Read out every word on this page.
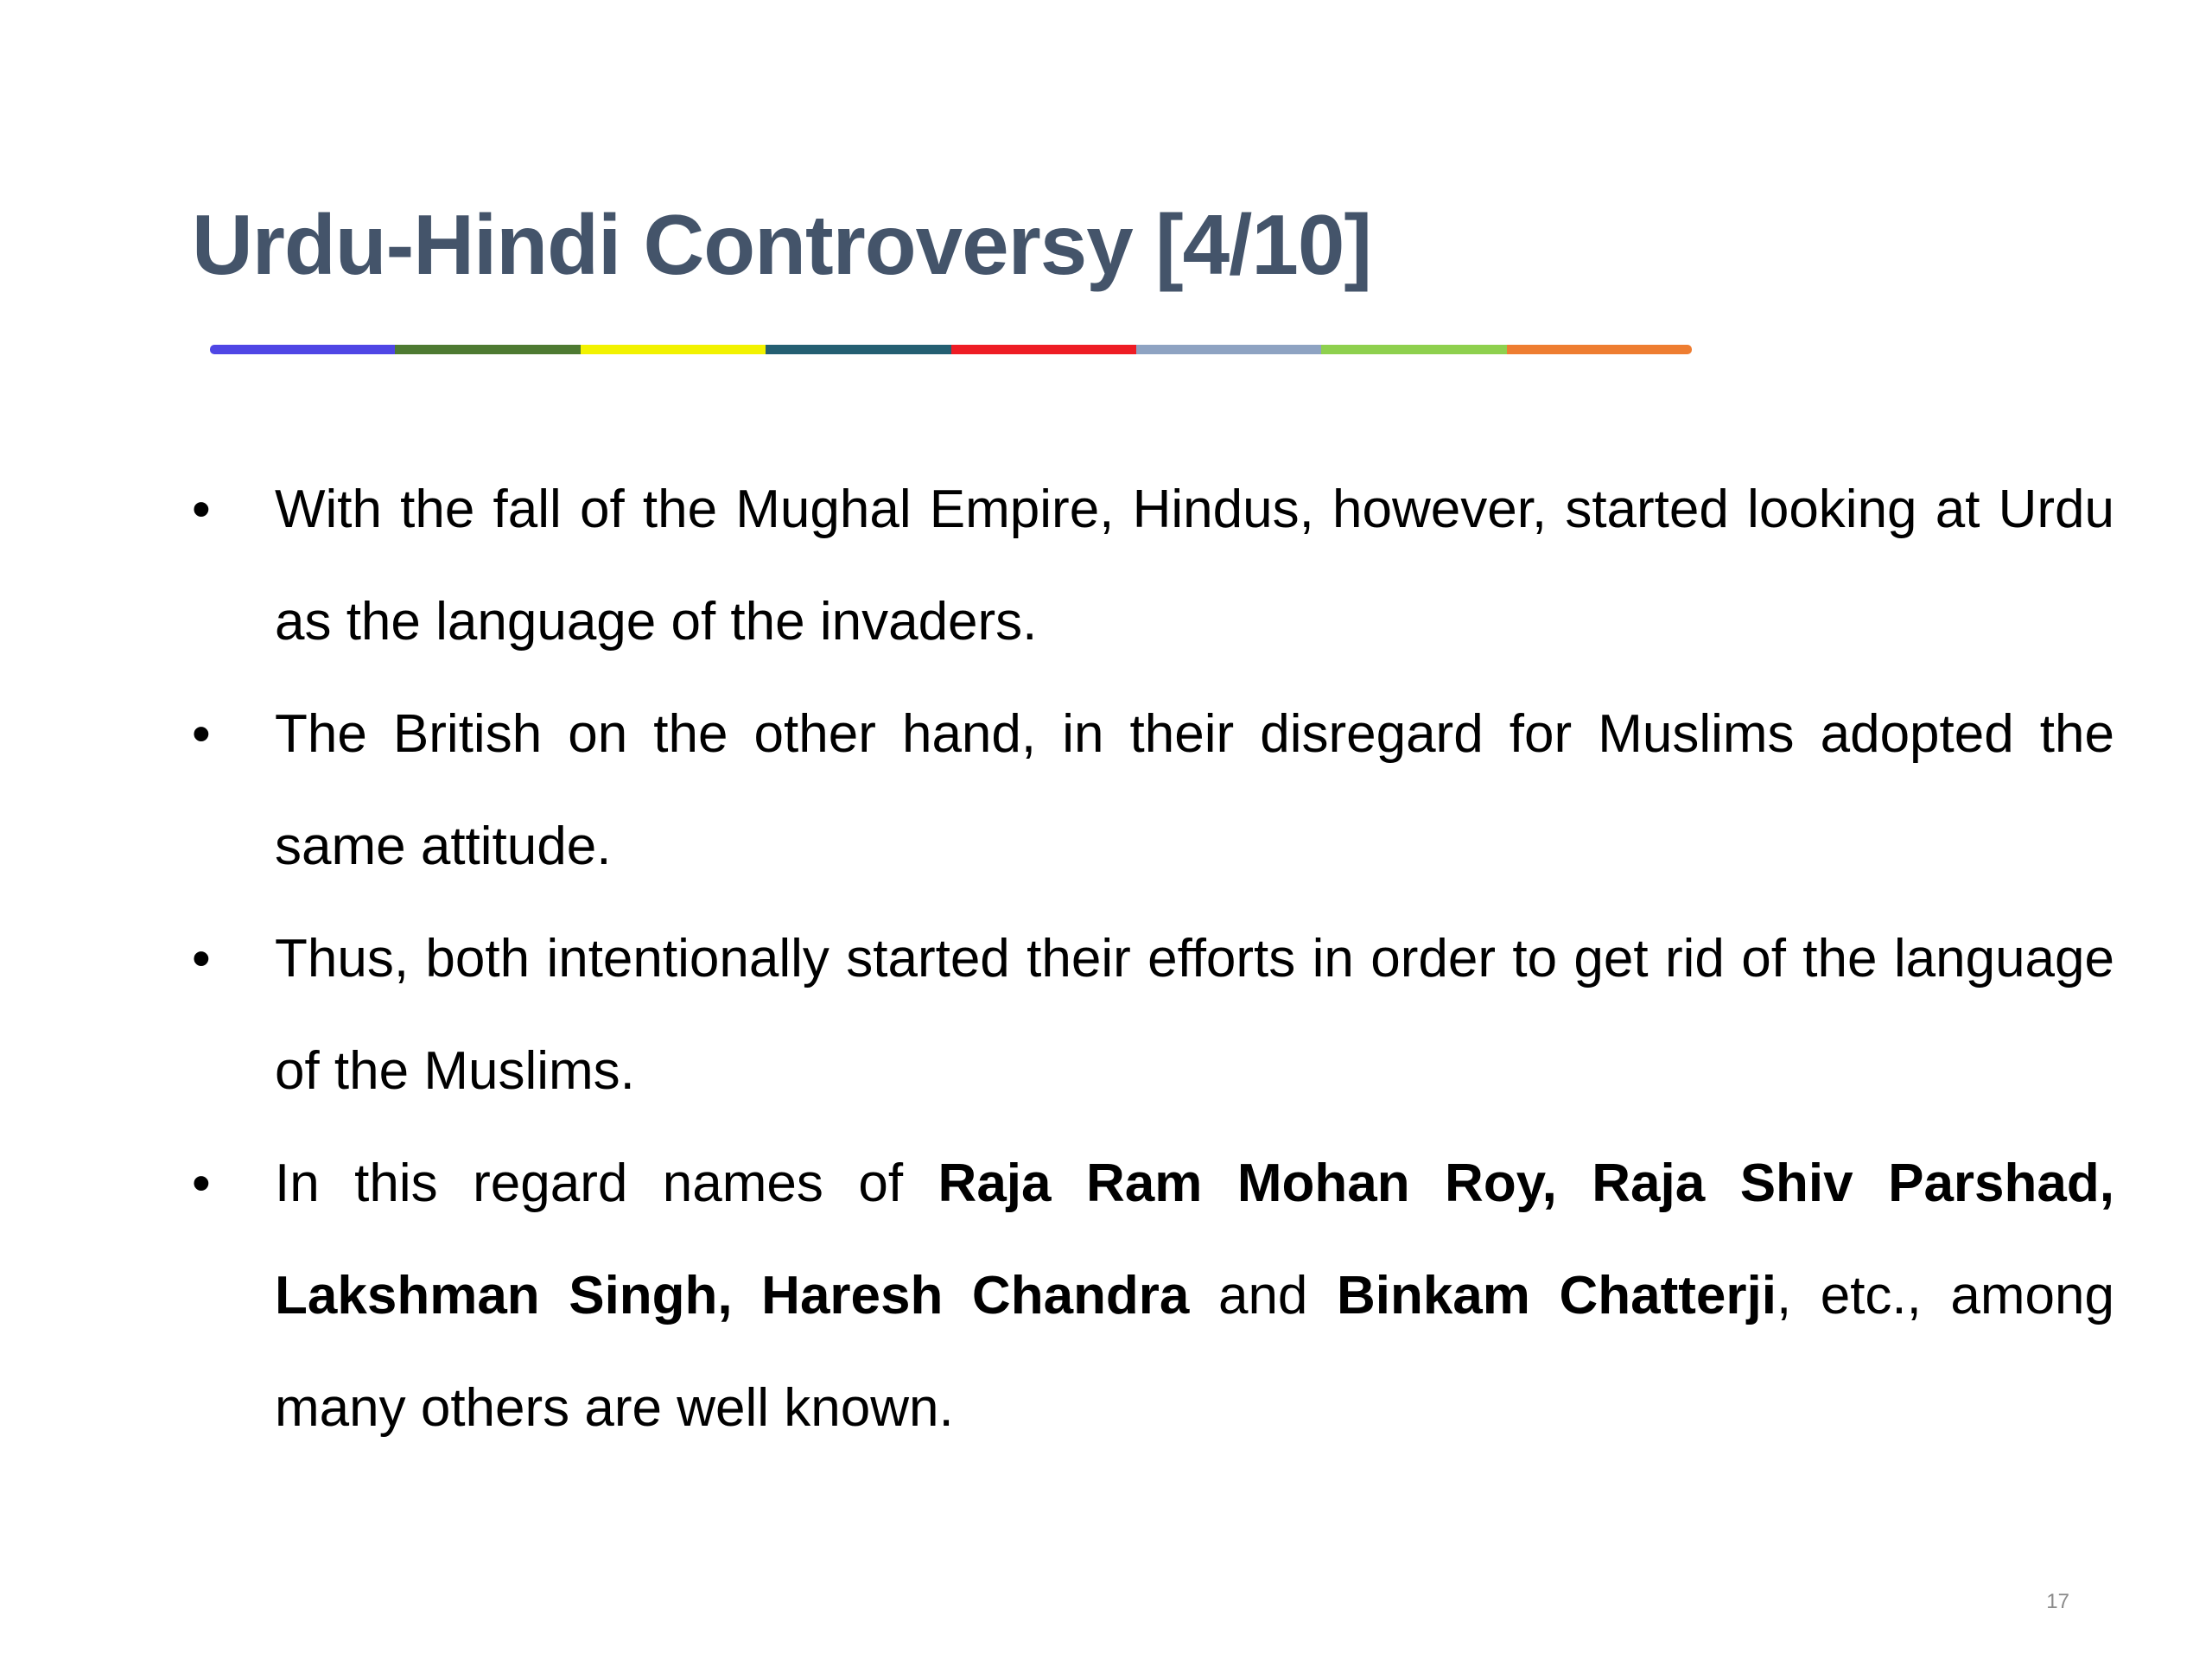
Urdu-Hindi Controversy [4/10]
•
With the fall of the Mughal Empire, Hindus, however, started looking at Urdu as the language of the invaders.
•
The British on the other hand, in their disregard for Muslims adopted the same attitude.
•
Thus, both intentionally started their efforts in order to get rid of the language of the Muslims.
•
In this regard names of Raja Ram Mohan Roy, Raja Shiv Parshad, Lakshman Singh, Haresh Chandra and Binkam Chatterji, etc., among many others are well known.
17
